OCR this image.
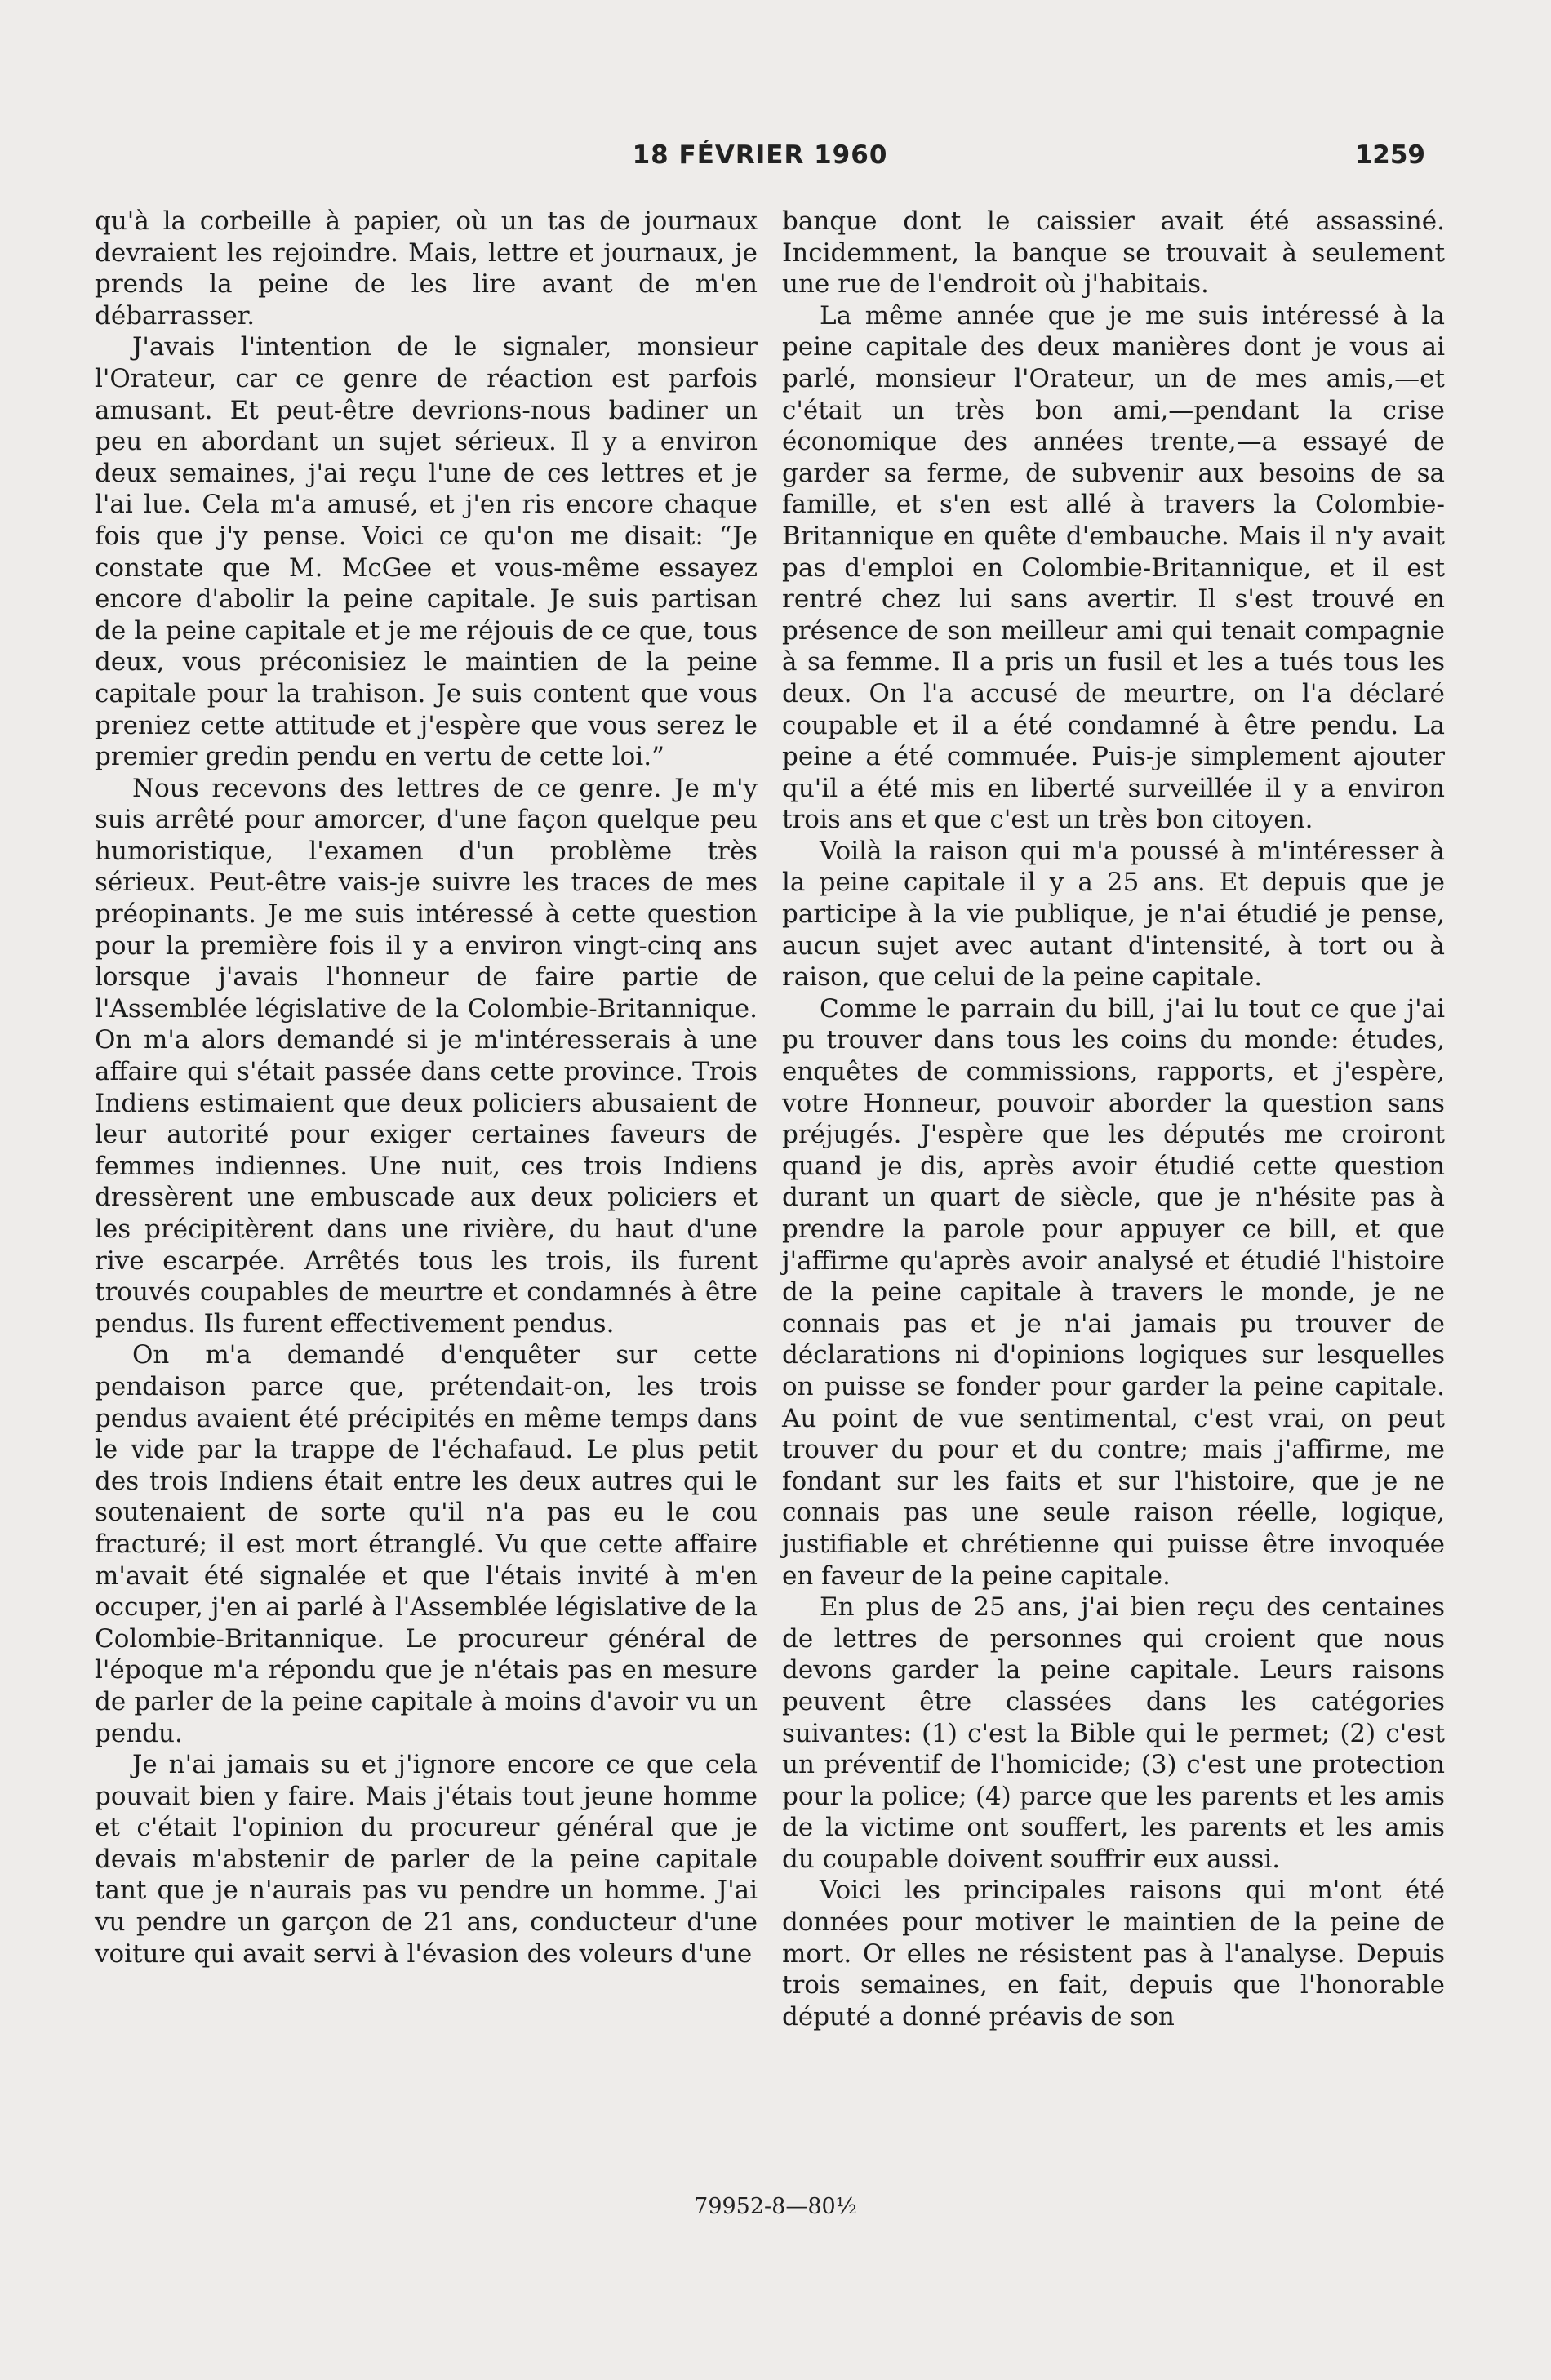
18 FÉVRIER 1960	1259

qu'à la corbeille à papier, où un tas de journaux devraient les rejoindre. Mais, lettre et journaux, je prends la peine de les lire avant de m'en débarrasser.

J'avais l'intention de le signaler, monsieur l'Orateur, car ce genre de réaction est parfois amusant. Et peut-être devrions-nous badiner un peu en abordant un sujet sérieux. Il y a environ deux semaines, j'ai reçu l'une de ces lettres et je l'ai lue. Cela m'a amusé, et j'en ris encore chaque fois que j'y pense. Voici ce qu'on me disait: “Je constate que M. McGee et vous-même essayez encore d'abolir la peine capitale. Je suis partisan de la peine capitale et je me réjouis de ce que, tous deux, vous préconisiez le maintien de la peine capitale pour la trahison. Je suis content que vous preniez cette attitude et j'espère que vous serez le premier gredin pendu en vertu de cette loi.”

Nous recevons des lettres de ce genre. Je m'y suis arrêté pour amorcer, d'une façon quelque peu humoristique, l'examen d'un problème très sérieux. Peut-être vais-je suivre les traces de mes préopinants. Je me suis intéressé à cette question pour la première fois il y a environ vingt-cinq ans lorsque j'avais l'honneur de faire partie de l'Assemblée législative de la Colombie-Britannique. On m'a alors demandé si je m'intéresserais à une affaire qui s'était passée dans cette province. Trois Indiens estimaient que deux policiers abusaient de leur autorité pour exiger certaines faveurs de femmes indiennes. Une nuit, ces trois Indiens dressèrent une embuscade aux deux policiers et les précipitèrent dans une rivière, du haut d'une rive escarpée. Arrêtés tous les trois, ils furent trouvés coupables de meurtre et condamnés à être pendus. Ils furent effectivement pendus.

On m'a demandé d'enquêter sur cette pendaison parce que, prétendait-on, les trois pendus avaient été précipités en même temps dans le vide par la trappe de l'échafaud. Le plus petit des trois Indiens était entre les deux autres qui le soutenaient de sorte qu'il n'a pas eu le cou fracturé; il est mort étranglé. Vu que cette affaire m'avait été signalée et que l'étais invité à m'en occuper, j'en ai parlé à l'Assemblée législative de la Colombie-Britannique. Le procureur général de l'époque m'a répondu que je n'étais pas en mesure de parler de la peine capitale à moins d'avoir vu un pendu.

Je n'ai jamais su et j'ignore encore ce que cela pouvait bien y faire. Mais j'étais tout jeune homme et c'était l'opinion du procureur général que je devais m'abstenir de parler de la peine capitale tant que je n'aurais pas vu pendre un homme. J'ai vu pendre un garçon de 21 ans, conducteur d'une voiture qui avait servi à l'évasion des voleurs d'une

banque dont le caissier avait été assassiné. Incidemment, la banque se trouvait à seulement une rue de l'endroit où j'habitais.

La même année que je me suis intéressé à la peine capitale des deux manières dont je vous ai parlé, monsieur l'Orateur, un de mes amis,—et c'était un très bon ami,—pendant la crise économique des années trente,—a essayé de garder sa ferme, de subvenir aux besoins de sa famille, et s'en est allé à travers la Colombie-Britannique en quête d'embauche. Mais il n'y avait pas d'emploi en Colombie-Britannique, et il est rentré chez lui sans avertir. Il s'est trouvé en présence de son meilleur ami qui tenait compagnie à sa femme. Il a pris un fusil et les a tués tous les deux. On l'a accusé de meurtre, on l'a déclaré coupable et il a été condamné à être pendu. La peine a été commuée. Puis-je simplement ajouter qu'il a été mis en liberté surveillée il y a environ trois ans et que c'est un très bon citoyen.

Voilà la raison qui m'a poussé à m'intéresser à la peine capitale il y a 25 ans. Et depuis que je participe à la vie publique, je n'ai étudié je pense, aucun sujet avec autant d'intensité, à tort ou à raison, que celui de la peine capitale.

Comme le parrain du bill, j'ai lu tout ce que j'ai pu trouver dans tous les coins du monde: études, enquêtes de commissions, rapports, et j'espère, votre Honneur, pouvoir aborder la question sans préjugés. J'espère que les députés me croiront quand je dis, après avoir étudié cette question durant un quart de siècle, que je n'hésite pas à prendre la parole pour appuyer ce bill, et que j'affirme qu'après avoir analysé et étudié l'histoire de la peine capitale à travers le monde, je ne connais pas et je n'ai jamais pu trouver de déclarations ni d'opinions logiques sur lesquelles on puisse se fonder pour garder la peine capitale. Au point de vue sentimental, c'est vrai, on peut trouver du pour et du contre; mais j'affirme, me fondant sur les faits et sur l'histoire, que je ne connais pas une seule raison réelle, logique, justifiable et chrétienne qui puisse être invoquée en faveur de la peine capitale.

En plus de 25 ans, j'ai bien reçu des centaines de lettres de personnes qui croient que nous devons garder la peine capitale. Leurs raisons peuvent être classées dans les catégories suivantes: (1) c'est la Bible qui le permet; (2) c'est un préventif de l'homicide; (3) c'est une protection pour la police; (4) parce que les parents et les amis de la victime ont souffert, les parents et les amis du coupable doivent souffrir eux aussi.

Voici les principales raisons qui m'ont été données pour motiver le maintien de la peine de mort. Or elles ne résistent pas à l'analyse. Depuis trois semaines, en fait, depuis que l'honorable député a donné préavis de son

79952-8—80½
